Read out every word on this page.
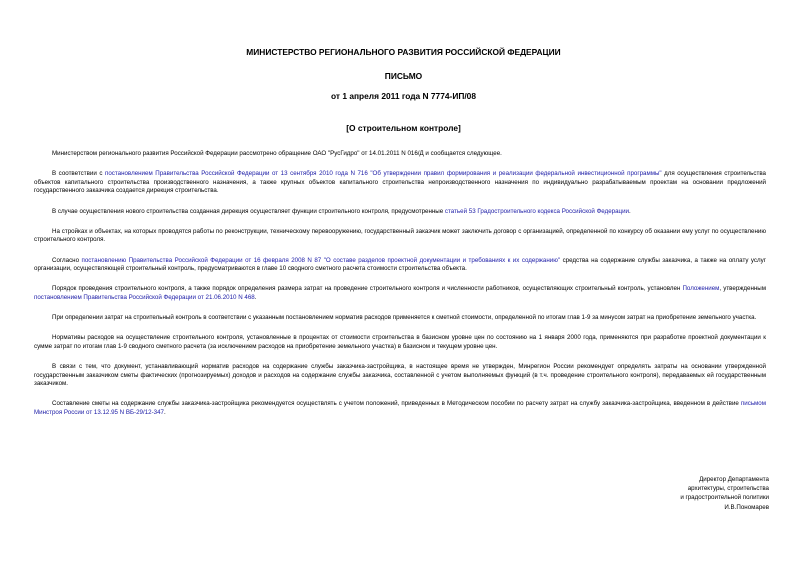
МИНИСТЕРСТВО РЕГИОНАЛЬНОГО РАЗВИТИЯ РОССИЙСКОЙ ФЕДЕРАЦИИ
ПИСЬМО
от 1 апреля 2011 года N 7774-ИП/08
[О строительном контроле]

Министерством регионального развития Российской Федерации рассмотрено обращение ОАО "РусГидро" от 14.01.2011 N 016/Д и сообщается следующее.

В соответствии с постановлением Правительства Российской Федерации от 13 сентября 2010 года N 716 "Об утверждении правил формирования и реализации федеральной инвестиционной программы" для осуществления строительства объектов капитального строительства производственного назначения, а также крупных объектов капитального строительства непроизводственного назначения по индивидуально разрабатываемым проектам на основании предложений государственного заказчика создается дирекция строительства.

В случае осуществления нового строительства созданная дирекция осуществляет функции строительного контроля, предусмотренные статьей 53 Градостроительного кодекса Российской Федерации.

На стройках и объектах, на которых проводятся работы по реконструкции, техническому перевооружению, государственный заказчик может заключить договор с организацией, определенной по конкурсу об оказании ему услуг по осуществлению строительного контроля.

Согласно постановлению Правительства Российской Федерации от 16 февраля 2008 N 87 "О составе разделов проектной документации и требованиях к их содержанию" средства на содержание службы заказчика, а также на оплату услуг организации, осуществляющей строительный контроль, предусматриваются в главе 10 сводного сметного расчета стоимости строительства объекта.

Порядок проведения строительного контроля, а также порядок определения размера затрат на проведение строительного контроля и численности работников, осуществляющих строительный контроль, установлен Положением, утвержденным постановлением Правительства Российской Федерации от 21.06.2010 N 468.

При определении затрат на строительный контроль в соответствии с указанным постановлением норматив расходов применяется к сметной стоимости, определенной по итогам глав 1-9 за минусом затрат на приобретение земельного участка.

Нормативы расходов на осуществление строительного контроля, установленные в процентах от стоимости строительства в базисном уровне цен по состоянию на 1 января 2000 года, применяются при разработке проектной документации к сумме затрат по итогам глав 1-9 сводного сметного расчета (за исключением расходов на приобретение земельного участка) в базисном и текущем уровне цен.

В связи с тем, что документ, устанавливающий норматив расходов на содержание службы заказчика-застройщика, в настоящее время не утвержден, Минрегион России рекомендует определять затраты на основании утвержденной государственным заказчиком сметы фактических (прогнозируемых) доходов и расходов на содержание службы заказчика, составленной с учетом выполняемых функций (в т.ч. проведение строительного контроля), передаваемых ей государственным заказчиком.

Составление сметы на содержание службы заказчика-застройщика рекомендуется осуществлять с учетом положений, приведенных в Методическом пособии по расчету затрат на службу заказчика-застройщика, введенном в действие письмом Минстроя России от 13.12.95 N ВБ-29/12-347.

Директор Департамента
архитектуры, строительства
и градостроительной политики
И.В.Пономарев
